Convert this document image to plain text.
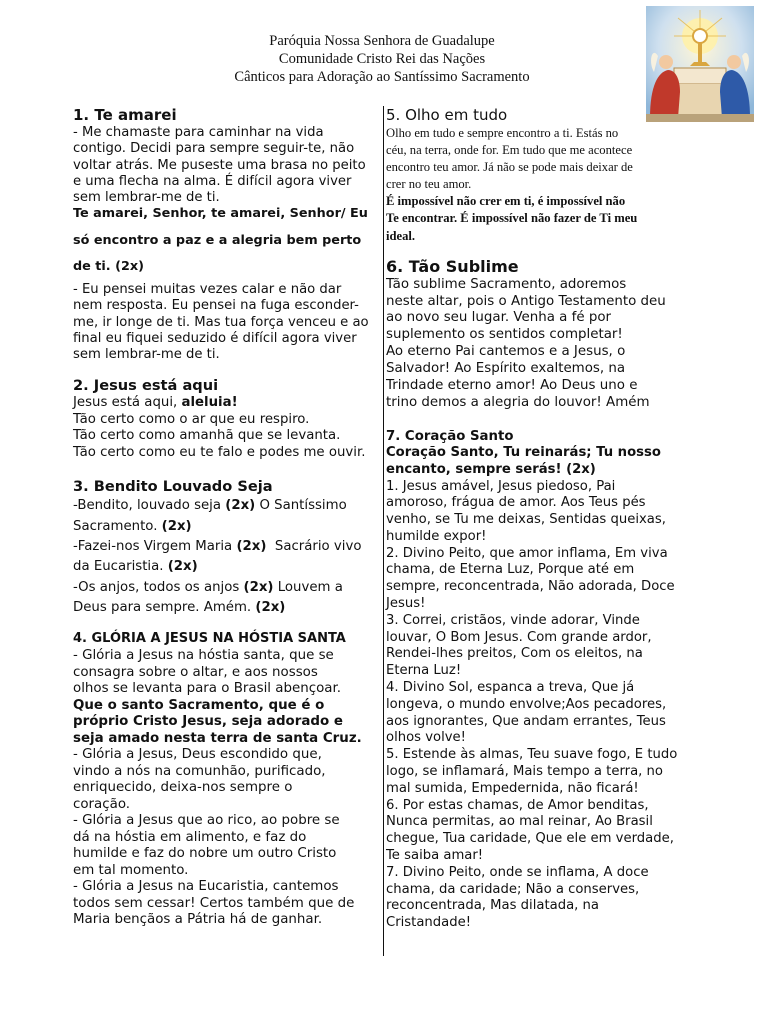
Paróquia Nossa Senhora de Guadalupe
Comunidade Cristo Rei das Nações
Cânticos para Adoração ao Santíssimo Sacramento
1. Te amarei
- Me chamaste para caminhar na vida
contigo. Decidi para sempre seguir-te, não
voltar atrás. Me puseste uma brasa no peito
e uma flecha na alma. É difícil agora viver
sem lembrar-me de ti.
Te amarei, Senhor, te amarei, Senhor/ Eu
só encontro a paz e a alegria bem perto
de ti. (2x)
- Eu pensei muitas vezes calar e não dar
nem resposta. Eu pensei na fuga esconder-
me, ir longe de ti. Mas tua força venceu e ao
final eu fiquei seduzido é difícil agora viver
sem lembrar-me de ti.
2. Jesus está aqui
Jesus está aqui, aleluia!
Tão certo como o ar que eu respiro.
Tão certo como amanhã que se levanta.
Tão certo como eu te falo e podes me ouvir.
3. Bendito Louvado Seja
-Bendito, louvado seja (2x) O Santíssimo
Sacramento. (2x)
-Fazei-nos Virgem Maria (2x)  Sacrário vivo
da Eucaristia. (2x)
-Os anjos, todos os anjos (2x) Louvem a
Deus para sempre. Amém. (2x)
4. GLÓRIA A JESUS NA HÓSTIA SANTA
- Glória a Jesus na hóstia santa, que se
consagra sobre o altar, e aos nossos
olhos se levanta para o Brasil abençoar.
Que o santo Sacramento, que é o
próprio Cristo Jesus, seja adorado e
seja amado nesta terra de santa Cruz.
- Glória a Jesus, Deus escondido que,
vindo a nós na comunhão, purificado,
enriquecido, deixa-nos sempre o
coração.
- Glória a Jesus que ao rico, ao pobre se
dá na hóstia em alimento, e faz do
humilde e faz do nobre um outro Cristo
em tal momento.
- Glória a Jesus na Eucaristia, cantemos
todos sem cessar! Certos também que de
Maria bençãos a Pátria há de ganhar.
5. Olho em tudo
Olho em tudo e sempre encontro a ti. Estás no
céu, na terra, onde for. Em tudo que me acontece
encontro teu amor. Já não se pode mais deixar de
crer no teu amor.
É impossível não crer em ti, é impossível não
Te encontrar. É impossível não fazer de Ti meu
ideal.
6. Tão Sublime
Tão sublime Sacramento, adoremos
neste altar, pois o Antigo Testamento deu
ao novo seu lugar. Venha a fé por
suplemento os sentidos completar!
Ao eterno Pai cantemos e a Jesus, o
Salvador! Ao Espírito exaltemos, na
Trindade eterno amor! Ao Deus uno e
trino demos a alegria do louvor! Amém
7. Coração Santo
Coração Santo, Tu reinarás; Tu nosso
encanto, sempre serás! (2x)
1. Jesus amável, Jesus piedoso, Pai
amoroso, frágua de amor. Aos Teus pés
venho, se Tu me deixas, Sentidas queixas,
humilde expor!
2. Divino Peito, que amor inflama, Em viva
chama, de Eterna Luz, Porque até em
sempre, reconcentrada, Não adorada, Doce
Jesus!
3. Correi, cristãos, vinde adorar, Vinde
louvar, O Bom Jesus. Com grande ardor,
Rendei-lhes preitos, Com os eleitos, na
Eterna Luz!
4. Divino Sol, espanca a treva, Que já
longeva, o mundo envolve;Aos pecadores,
aos ignorantes, Que andam errantes, Teus
olhos volve!
5. Estende às almas, Teu suave fogo, E tudo
logo, se inflamará, Mais tempo a terra, no
mal sumida, Empedernida, não ficará!
6. Por estas chamas, de Amor benditas,
Nunca permitas, ao mal reinar, Ao Brasil
chegue, Tua caridade, Que ele em verdade,
Te saiba amar!
7. Divino Peito, onde se inflama, A doce
chama, da caridade; Não a conserves,
reconcentrada, Mas dilatada, na
Cristandade!
